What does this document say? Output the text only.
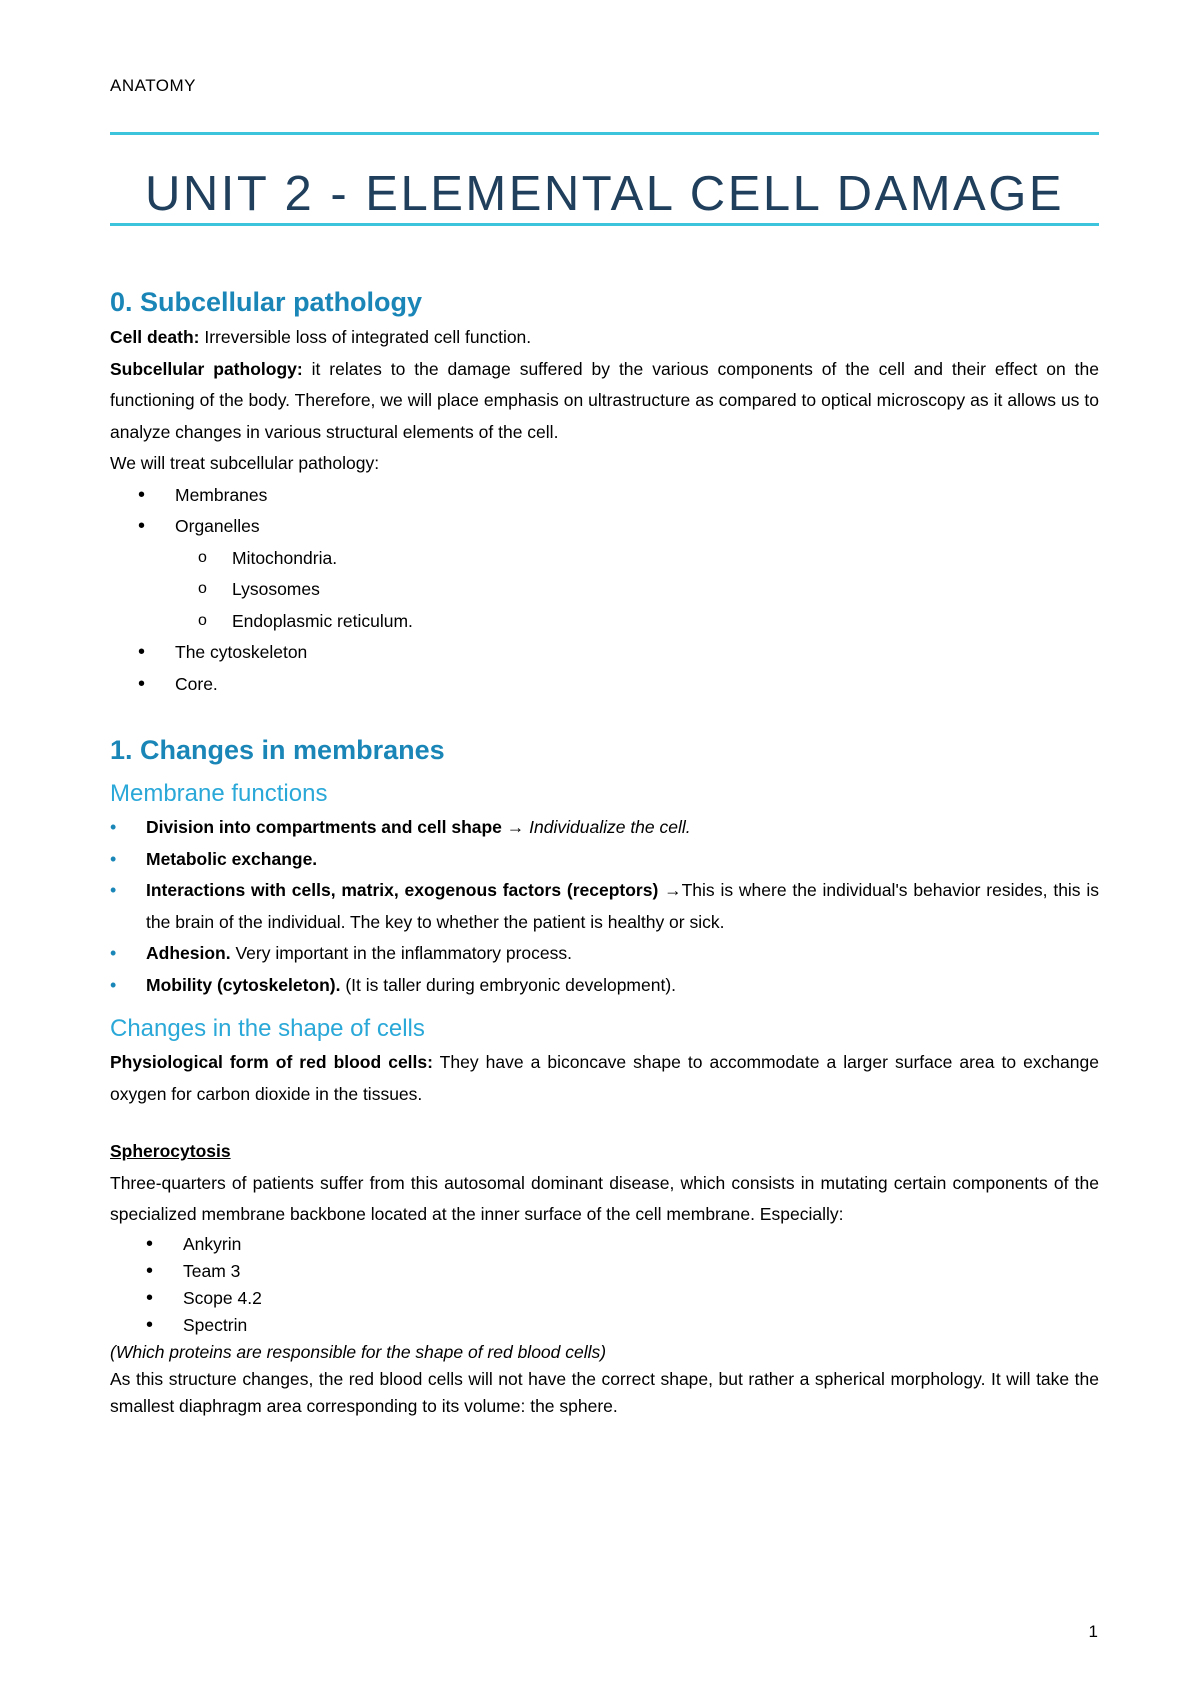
ANATOMY
UNIT 2 - ELEMENTAL CELL DAMAGE
0. Subcellular pathology

Cell death: Irreversible loss of integrated cell function.

Subcellular pathology: it relates to the damage suffered by the various components of the cell and their effect on the functioning of the body. Therefore, we will place emphasis on ultrastructure as compared to optical microscopy as it allows us to analyze changes in various structural elements of the cell.

We will treat subcellular pathology:

• Membranes
• Organelles
o Mitochondria.
o Lysosomes
o Endoplasmic reticulum.
• The cytoskeleton
• Core.
1. Changes in membranes
Membrane functions
• Division into compartments and cell shape → Individualize the cell.
• Metabolic exchange.
• Interactions with cells, matrix, exogenous factors (receptors) →This is where the individual's behavior resides, this is the brain of the individual. The key to whether the patient is healthy or sick.
• Adhesion. Very important in the inflammatory process.
• Mobility (cytoskeleton). (It is taller during embryonic development).
Changes in the shape of cells

Physiological form of red blood cells: They have a biconcave shape to accommodate a larger surface area to exchange oxygen for carbon dioxide in the tissues.

Spherocytosis

Three-quarters of patients suffer from this autosomal dominant disease, which consists in mutating certain components of the specialized membrane backbone located at the inner surface of the cell membrane. Especially:

• Ankyrin
• Team 3
• Scope 4.2
• Spectrin

(Which proteins are responsible for the shape of red blood cells)

As this structure changes, the red blood cells will not have the correct shape, but rather a spherical morphology. It will take the smallest diaphragm area corresponding to its volume: the sphere.

1
